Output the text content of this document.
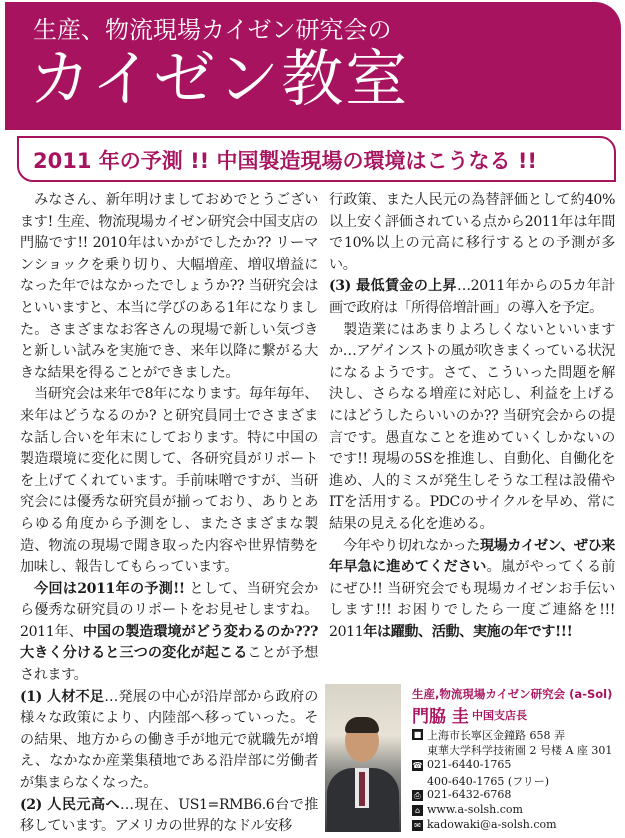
生産、物流現場カイゼン研究会の
カイゼン教室
2011 年の予測 !! 中国製造現場の環境はこうなる !!

みなさん、新年明けましておめでとうございます! 生産、物流現場カイゼン研究会中国支店の門脇です!! 2010年はいかがでしたか?? リーマンショックを乗り切り、大幅増産、増収増益になった年ではなかったでしょうか?? 当研究会はといいますと、本当に学びのある1年になりました。さまざまなお客さんの現場で新しい気づきと新しい試みを実施でき、来年以降に繋がる大きな結果を得ることができました。

当研究会は来年で8年になります。毎年毎年、来年はどうなるのか? と研究員同士でさまざまな話し合いを年末にしております。特に中国の製造環境に変化に関して、各研究員がリポートを上げてくれています。手前味噌ですが、当研究会には優秀な研究員が揃っており、ありとあらゆる角度から予測をし、またさまざまな製造、物流の現場で聞き取った内容や世界情勢を加味し、報告してもらっています。

今回は2011年の予測!! として、当研究会から優秀な研究員のリポートをお見せしますね。2011年、中国の製造環境がどう変わるのか??? 大きく分けると三つの変化が起こることが予想されます。

(1) 人材不足…発展の中心が沿岸部から政府の様々な政策により、内陸部へ移っていった。その結果、地方からの働き手が地元で就職先が増え、なかなか産業集積地である沿岸部に労働者が集まらなくなった。

(2) 人民元高へ…現在、US1=RMB6.6台で推移しています。アメリカの世界的なドル安移

行政策、また人民元の為替評価として約40%以上安く評価されている点から2011年は年間で10%以上の元高に移行するとの予測が多い。

(3) 最低賃金の上昇…2011年からの5カ年計画で政府は「所得倍増計画」の導入を予定。

製造業にはあまりよろしくないといいますか…アゲインストの風が吹きまくっている状況になるようです。さて、こういった問題を解決し、さらなる増産に対応し、利益を上げるにはどうしたらいいのか?? 当研究会からの提言です。愚直なことを進めていくしかないのです!! 現場の5Sを推進し、自動化、自働化を進め、人的ミスが発生しそうな工程は設備やITを活用する。PDCのサイクルを早め、常に結果の見える化を進める。

今年やり切れなかった現場カイゼン、ぜひ来年早急に進めてください。嵐がやってくる前にぜひ!! 当研究会でも現場カイゼンお手伝いします!!! お困りでしたら一度ご連絡を!!! 2011年は躍動、活動、実施の年です!!!

生産,物流現場カイゼン研究会 (a-Sol)
門脇 圭 中国支店長
■ 上海市长寧区金鐘路 658 弄
東華大学科学技術園 2 号楼 A 座 301
☎ 021-6440-1765
400-640-1765 (フリー)
⎙ 021-6432-6768
⌂ www.a-solsh.com
✉ kadowaki@a-solsh.com
